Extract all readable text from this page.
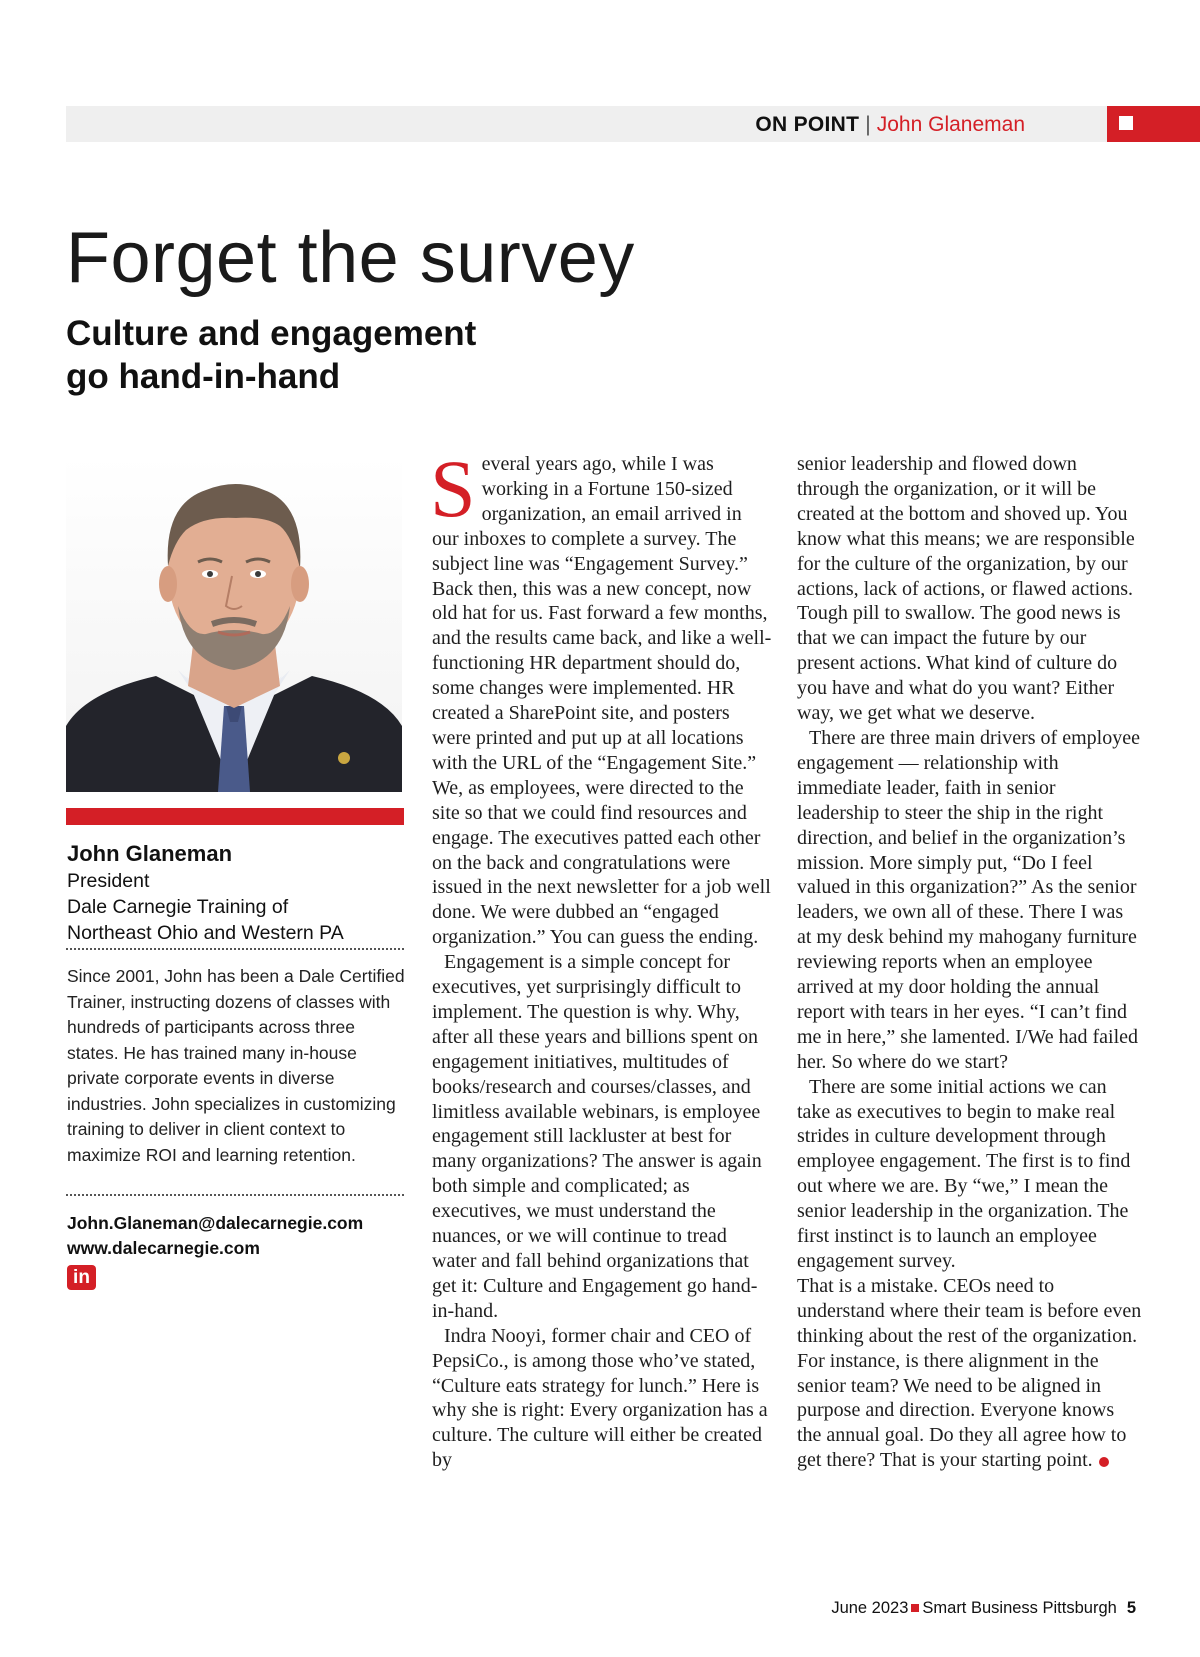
ON POINT | John Glaneman
Forget the survey
Culture and engagement
go hand-in-hand
John Glaneman
President
Dale Carnegie Training of
Northeast Ohio and Western PA
Since 2001, John has been a Dale Certified Trainer, instructing dozens of classes with hundreds of participants across three states. He has trained many in-house private corporate events in diverse industries. John specializes in customizing training to deliver in client context to maximize ROI and learning retention.
John.Glaneman@dalecarnegie.com
www.dalecarnegie.com
in

Several years ago, while I was working in a Fortune 150-sized organization, an email arrived in our inboxes to complete a survey. The subject line was “Engagement Survey.” Back then, this was a new concept, now old hat for us. Fast forward a few months, and the results came back, and like a well-functioning HR department should do, some changes were implemented. HR created a SharePoint site, and posters were printed and put up at all locations with the URL of the “Engagement Site.” We, as employees, were directed to the site so that we could find resources and engage. The executives patted each other on the back and congratulations were issued in the next newsletter for a job well done. We were dubbed an “engaged organization.” You can guess the ending.

Engagement is a simple concept for executives, yet surprisingly difficult to implement. The question is why. Why, after all these years and billions spent on engagement initiatives, multitudes of books/research and courses/classes, and limitless available webinars, is employee engagement still lackluster at best for many organizations? The answer is again both simple and complicated; as executives, we must understand the nuances, or we will continue to tread water and fall behind organizations that get it: Culture and Engagement go hand-in-hand.

Indra Nooyi, former chair and CEO of PepsiCo., is among those who’ve stated, “Culture eats strategy for lunch.” Here is why she is right: Every organization has a culture. The culture will either be created by

senior leadership and flowed down through the organization, or it will be created at the bottom and shoved up. You know what this means; we are responsible for the culture of the organization, by our actions, lack of actions, or flawed actions. Tough pill to swallow. The good news is that we can impact the future by our present actions. What kind of culture do you have and what do you want? Either way, we get what we deserve.

There are three main drivers of employee engagement — relationship with immediate leader, faith in senior leadership to steer the ship in the right direction, and belief in the organization’s mission. More simply put, “Do I feel valued in this organization?” As the senior leaders, we own all of these. There I was at my desk behind my mahogany furniture reviewing reports when an employee arrived at my door holding the annual report with tears in her eyes. “I can’t find me in here,” she lamented. I/We had failed her. So where do we start?

There are some initial actions we can take as executives to begin to make real strides in culture development through employee engagement. The first is to find out where we are. By “we,” I mean the senior leadership in the organization. The first instinct is to launch an employee engagement survey.

That is a mistake. CEOs need to understand where their team is before even thinking about the rest of the organization. For instance, is there alignment in the senior team? We need to be aligned in purpose and direction. Everyone knows the annual goal. Do they all agree how to get there? That is your starting point.

June 2023 Smart Business Pittsburgh 5
